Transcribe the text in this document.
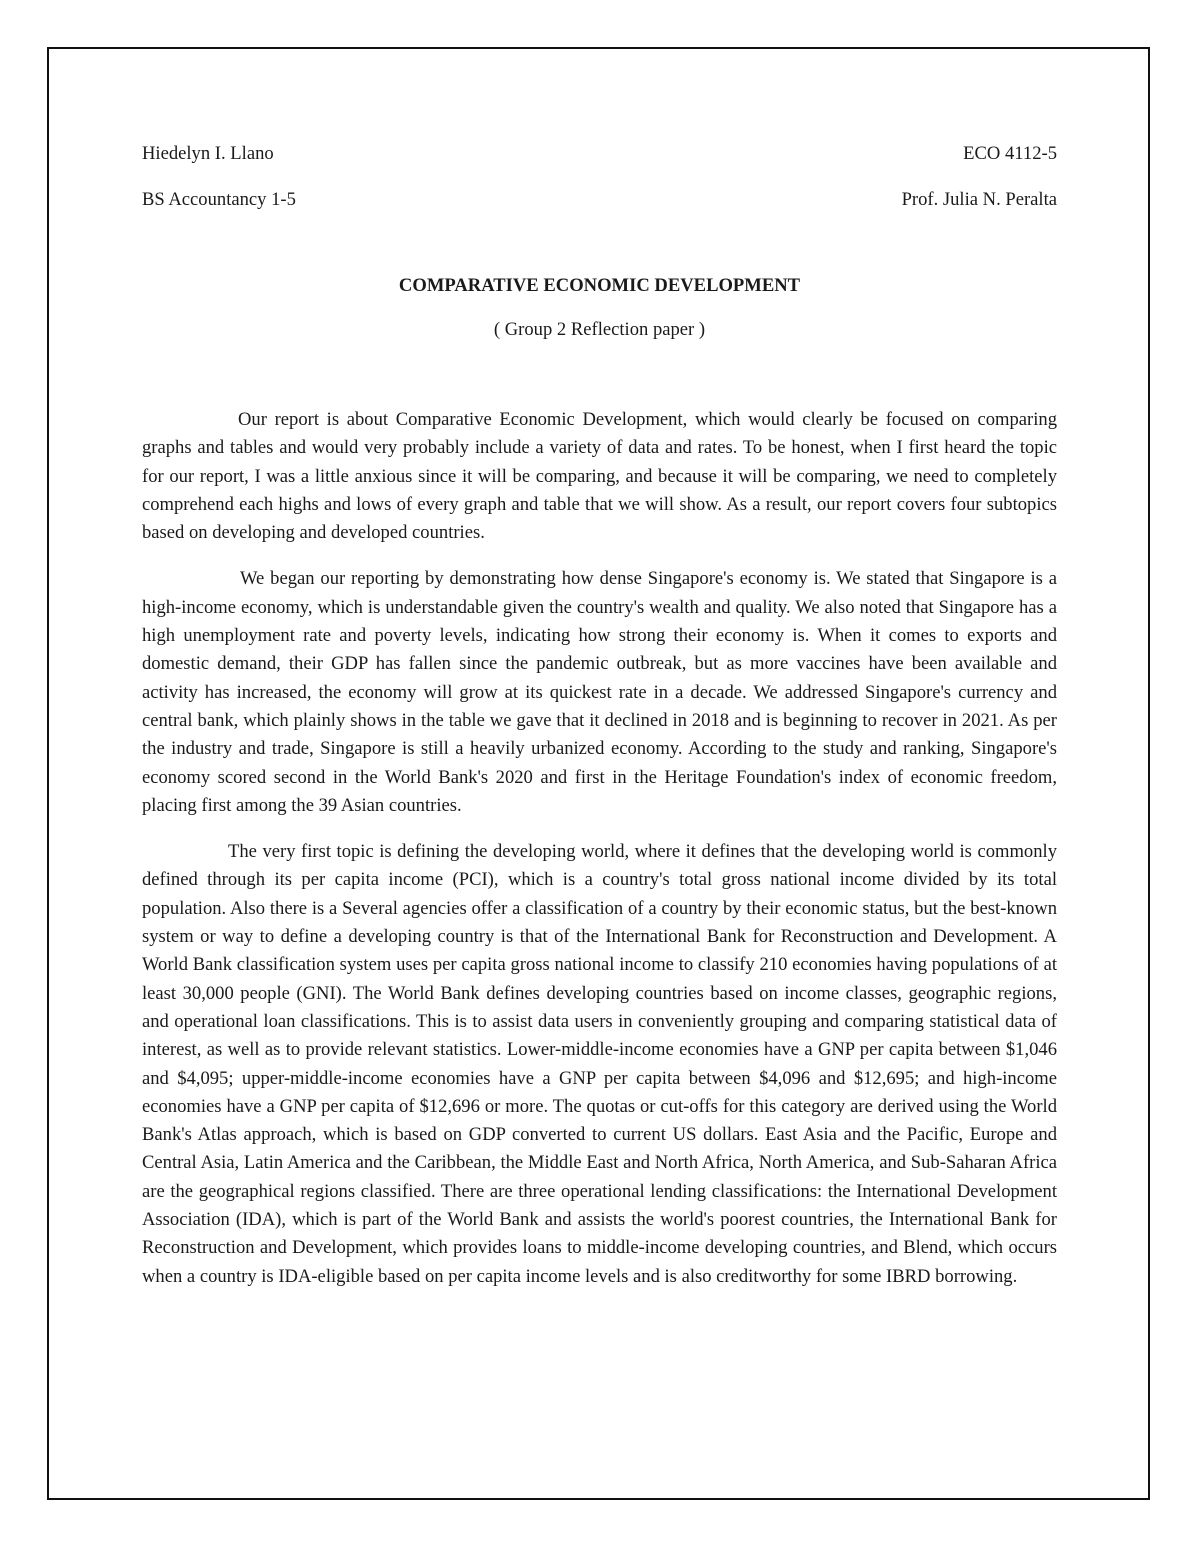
Hiedelyn I. Llano	ECO 4112-5
BS Accountancy 1-5	Prof. Julia N. Peralta
COMPARATIVE ECONOMIC DEVELOPMENT
( Group 2 Reflection paper )

Our report is about Comparative Economic Development, which would clearly be focused on comparing graphs and tables and would very probably include a variety of data and rates. To be honest, when I first heard the topic for our report, I was a little anxious since it will be comparing, and because it will be comparing, we need to completely comprehend each highs and lows of every graph and table that we will show. As a result, our report covers four subtopics based on developing and developed countries.

We began our reporting by demonstrating how dense Singapore's economy is. We stated that Singapore is a high-income economy, which is understandable given the country's wealth and quality. We also noted that Singapore has a high unemployment rate and poverty levels, indicating how strong their economy is. When it comes to exports and domestic demand, their GDP has fallen since the pandemic outbreak, but as more vaccines have been available and activity has increased, the economy will grow at its quickest rate in a decade. We addressed Singapore's currency and central bank, which plainly shows in the table we gave that it declined in 2018 and is beginning to recover in 2021. As per the industry and trade, Singapore is still a heavily urbanized economy. According to the study and ranking, Singapore's economy scored second in the World Bank's 2020 and first in the Heritage Foundation's index of economic freedom, placing first among the 39 Asian countries.

The very first topic is defining the developing world, where it defines that the developing world is commonly defined through its per capita income (PCI), which is a country's total gross national income divided by its total population. Also there is a Several agencies offer a classification of a country by their economic status, but the best-known system or way to define a developing country is that of the International Bank for Reconstruction and Development. A World Bank classification system uses per capita gross national income to classify 210 economies having populations of at least 30,000 people (GNI). The World Bank defines developing countries based on income classes, geographic regions, and operational loan classifications. This is to assist data users in conveniently grouping and comparing statistical data of interest, as well as to provide relevant statistics. Lower-middle-income economies have a GNP per capita between $1,046 and $4,095; upper-middle-income economies have a GNP per capita between $4,096 and $12,695; and high-income economies have a GNP per capita of $12,696 or more. The quotas or cut-offs for this category are derived using the World Bank's Atlas approach, which is based on GDP converted to current US dollars. East Asia and the Pacific, Europe and Central Asia, Latin America and the Caribbean, the Middle East and North Africa, North America, and Sub-Saharan Africa are the geographical regions classified. There are three operational lending classifications: the International Development Association (IDA), which is part of the World Bank and assists the world's poorest countries, the International Bank for Reconstruction and Development, which provides loans to middle-income developing countries, and Blend, which occurs when a country is IDA-eligible based on per capita income levels and is also creditworthy for some IBRD borrowing.
